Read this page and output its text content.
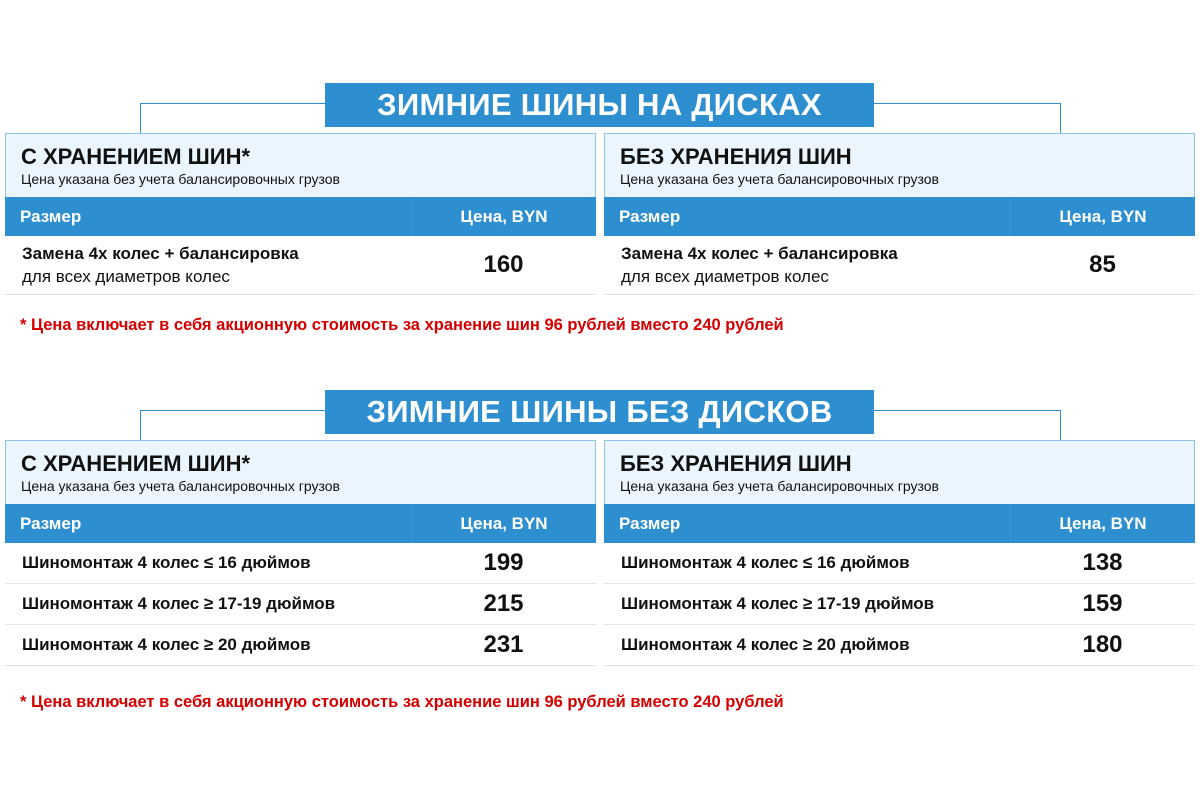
ЗИМНИЕ ШИНЫ НА ДИСКАХ
С ХРАНЕНИЕМ ШИН*
Цена указана без учета балансировочных грузов
Размер	Цена, BYN
Замена 4х колес + балансировка
для всех диаметров колес	160
БЕЗ ХРАНЕНИЯ ШИН
Цена указана без учета балансировочных грузов
Размер	Цена, BYN
Замена 4х колес + балансировка
для всех диаметров колес	85
* Цена включает в себя акционную стоимость за хранение шин 96 рублей вместо 240 рублей
ЗИМНИЕ ШИНЫ БЕЗ ДИСКОВ
С ХРАНЕНИЕМ ШИН*
Цена указана без учета балансировочных грузов
Размер	Цена, BYN
Шиномонтаж 4 колес ≤ 16 дюймов	199
Шиномонтаж 4 колес ≥ 17-19 дюймов	215
Шиномонтаж 4 колес ≥ 20 дюймов	231
БЕЗ ХРАНЕНИЯ ШИН
Цена указана без учета балансировочных грузов
Размер	Цена, BYN
Шиномонтаж 4 колес ≤ 16 дюймов	138
Шиномонтаж 4 колес ≥ 17-19 дюймов	159
Шиномонтаж 4 колес ≥ 20 дюймов	180
* Цена включает в себя акционную стоимость за хранение шин 96 рублей вместо 240 рублей
